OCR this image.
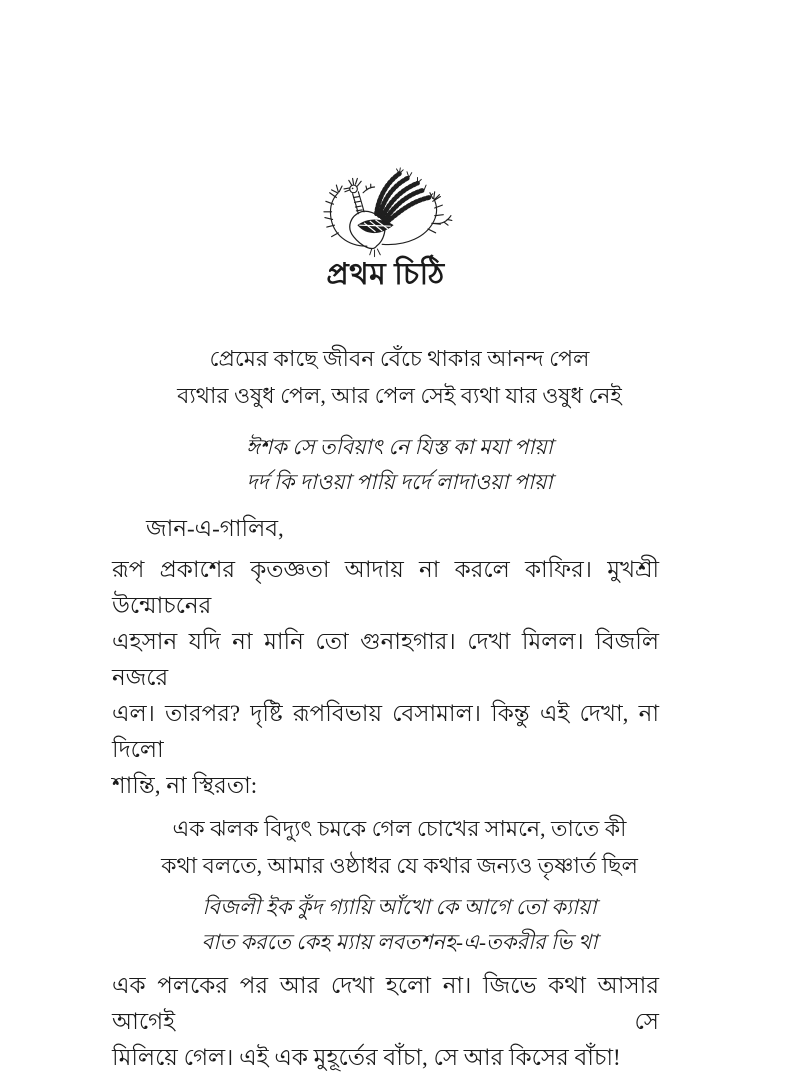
প্রথম চিঠি
প্রেমের কাছে জীবন বেঁচে থাকার আনন্দ পেল
ব্যথার ওষুধ পেল, আর পেল সেই ব্যথা যার ওষুধ নেই
ঈশক সে তবিয়াৎ নে যিস্ত কা মযা পায়া
দর্দ কি দাওয়া পায়ি দর্দে লাদাওয়া পায়া
জান-এ-গালিব,
রূপ প্রকাশের কৃতজ্ঞতা আদায় না করলে কাফির। মুখশ্রী উন্মোচনের
এহসান যদি না মানি তো গুনাহগার। দেখা মিলল। বিজলি নজরে
এল। তারপর? দৃষ্টি রূপবিভায় বেসামাল। কিন্তু এই দেখা, না দিলো
শান্তি, না স্থিরতা:
এক ঝলক বিদ্যুৎ চমকে গেল চোখের সামনে, তাতে কী
কথা বলতে, আমার ওষ্ঠাধর যে কথার জন্যও তৃষ্ণার্ত ছিল
বিজলী ইক কুঁদ গ্যায়ি আঁখো কে আগে তো ক্যায়া
বাত করতে কেহ ম্যায় লবতশনহ-এ-তকরীর ভি থা
এক পলকের পর আর দেখা হলো না। জিভে কথা আসার আগেই সে
মিলিয়ে গেল। এই এক মুহূর্তের বাঁচা, সে আর কিসের বাঁচা!
